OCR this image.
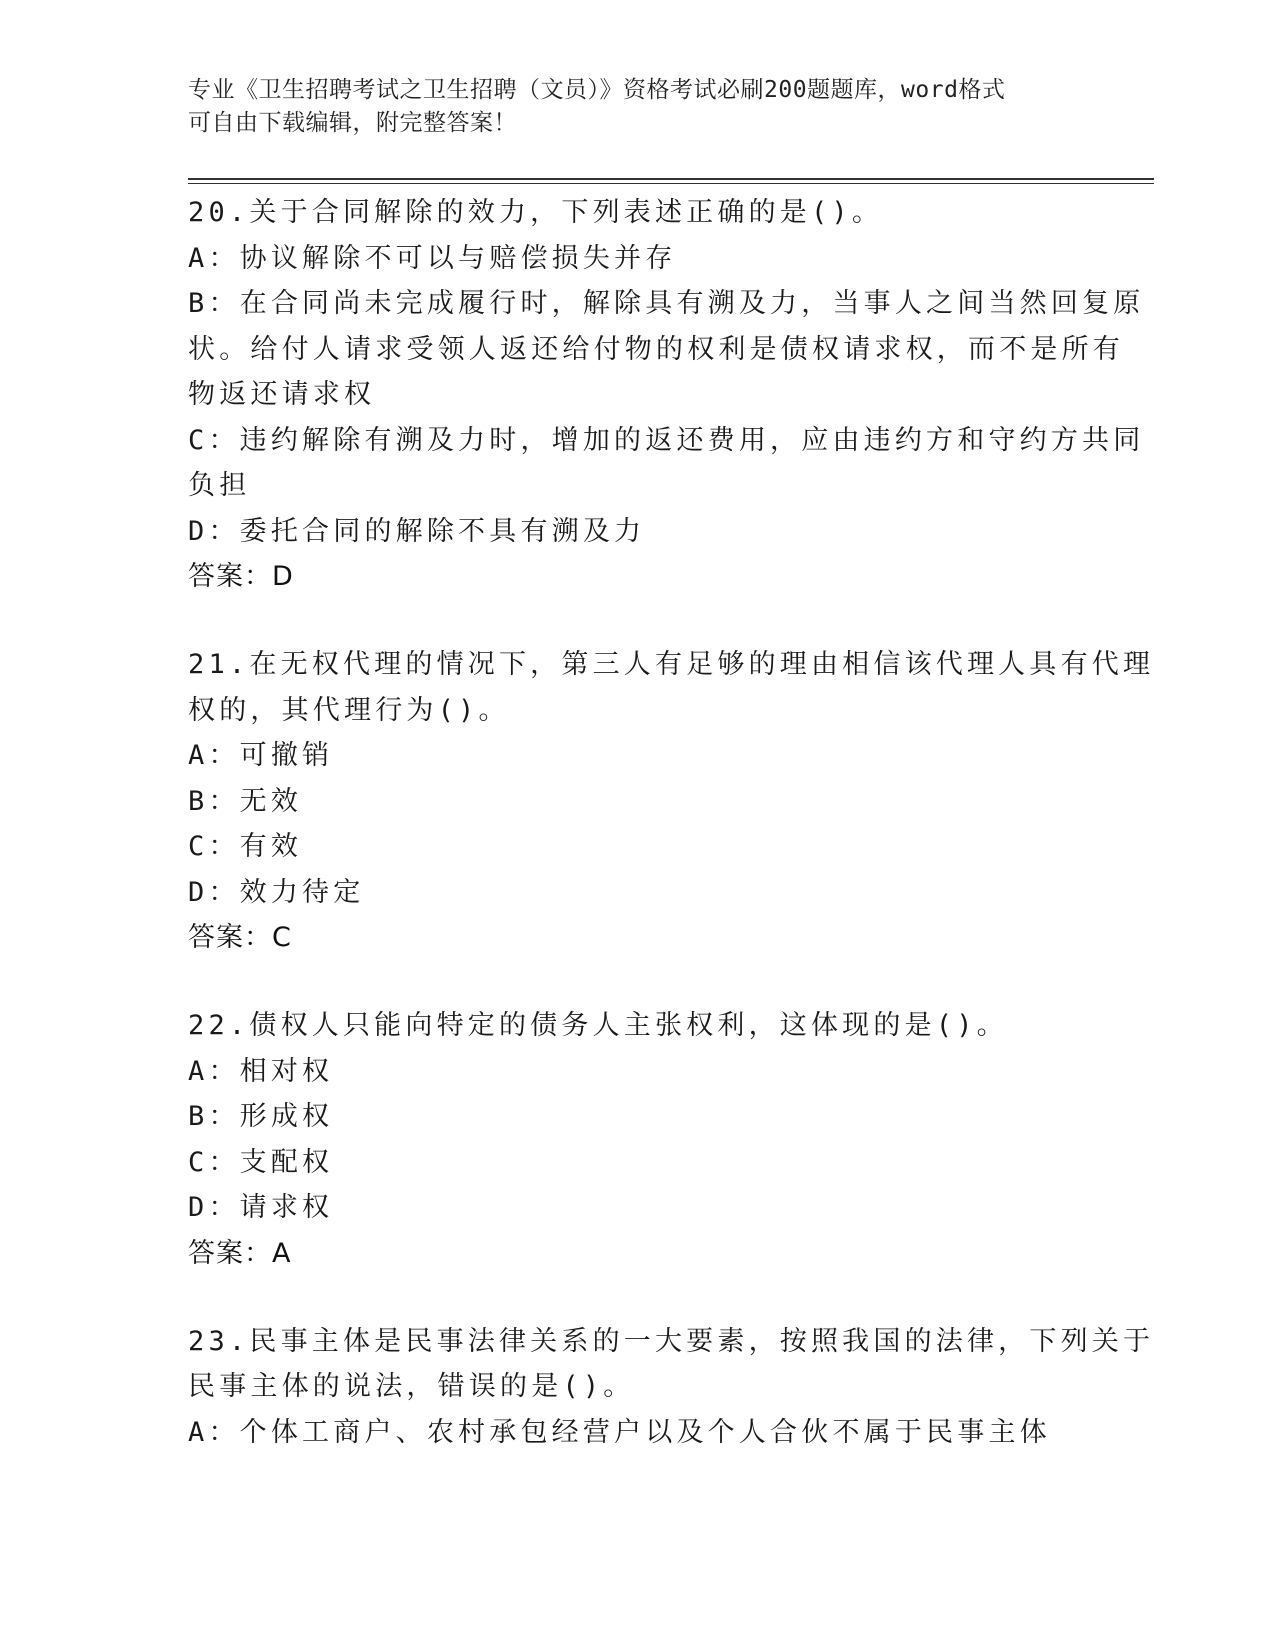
专业《卫生招聘考试之卫生招聘（文员）》资格考试必刷200题题库，word格式
可自由下载编辑，附完整答案！
20.关于合同解除的效力，下列表述正确的是()。
A：协议解除不可以与赔偿损失并存
B：在合同尚未完成履行时，解除具有溯及力，当事人之间当然回复原
状。给付人请求受领人返还给付物的权利是债权请求权，而不是所有
物返还请求权
C：违约解除有溯及力时，增加的返还费用，应由违约方和守约方共同
负担
D：委托合同的解除不具有溯及力
答案：D
21.在无权代理的情况下，第三人有足够的理由相信该代理人具有代理
权的，其代理行为()。
A：可撤销
B：无效
C：有效
D：效力待定
答案：C
22.债权人只能向特定的债务人主张权利，这体现的是()。
A：相对权
B：形成权
C：支配权
D：请求权
答案：A
23.民事主体是民事法律关系的一大要素，按照我国的法律，下列关于
民事主体的说法，错误的是()。
A：个体工商户、农村承包经营户以及个人合伙不属于民事主体
